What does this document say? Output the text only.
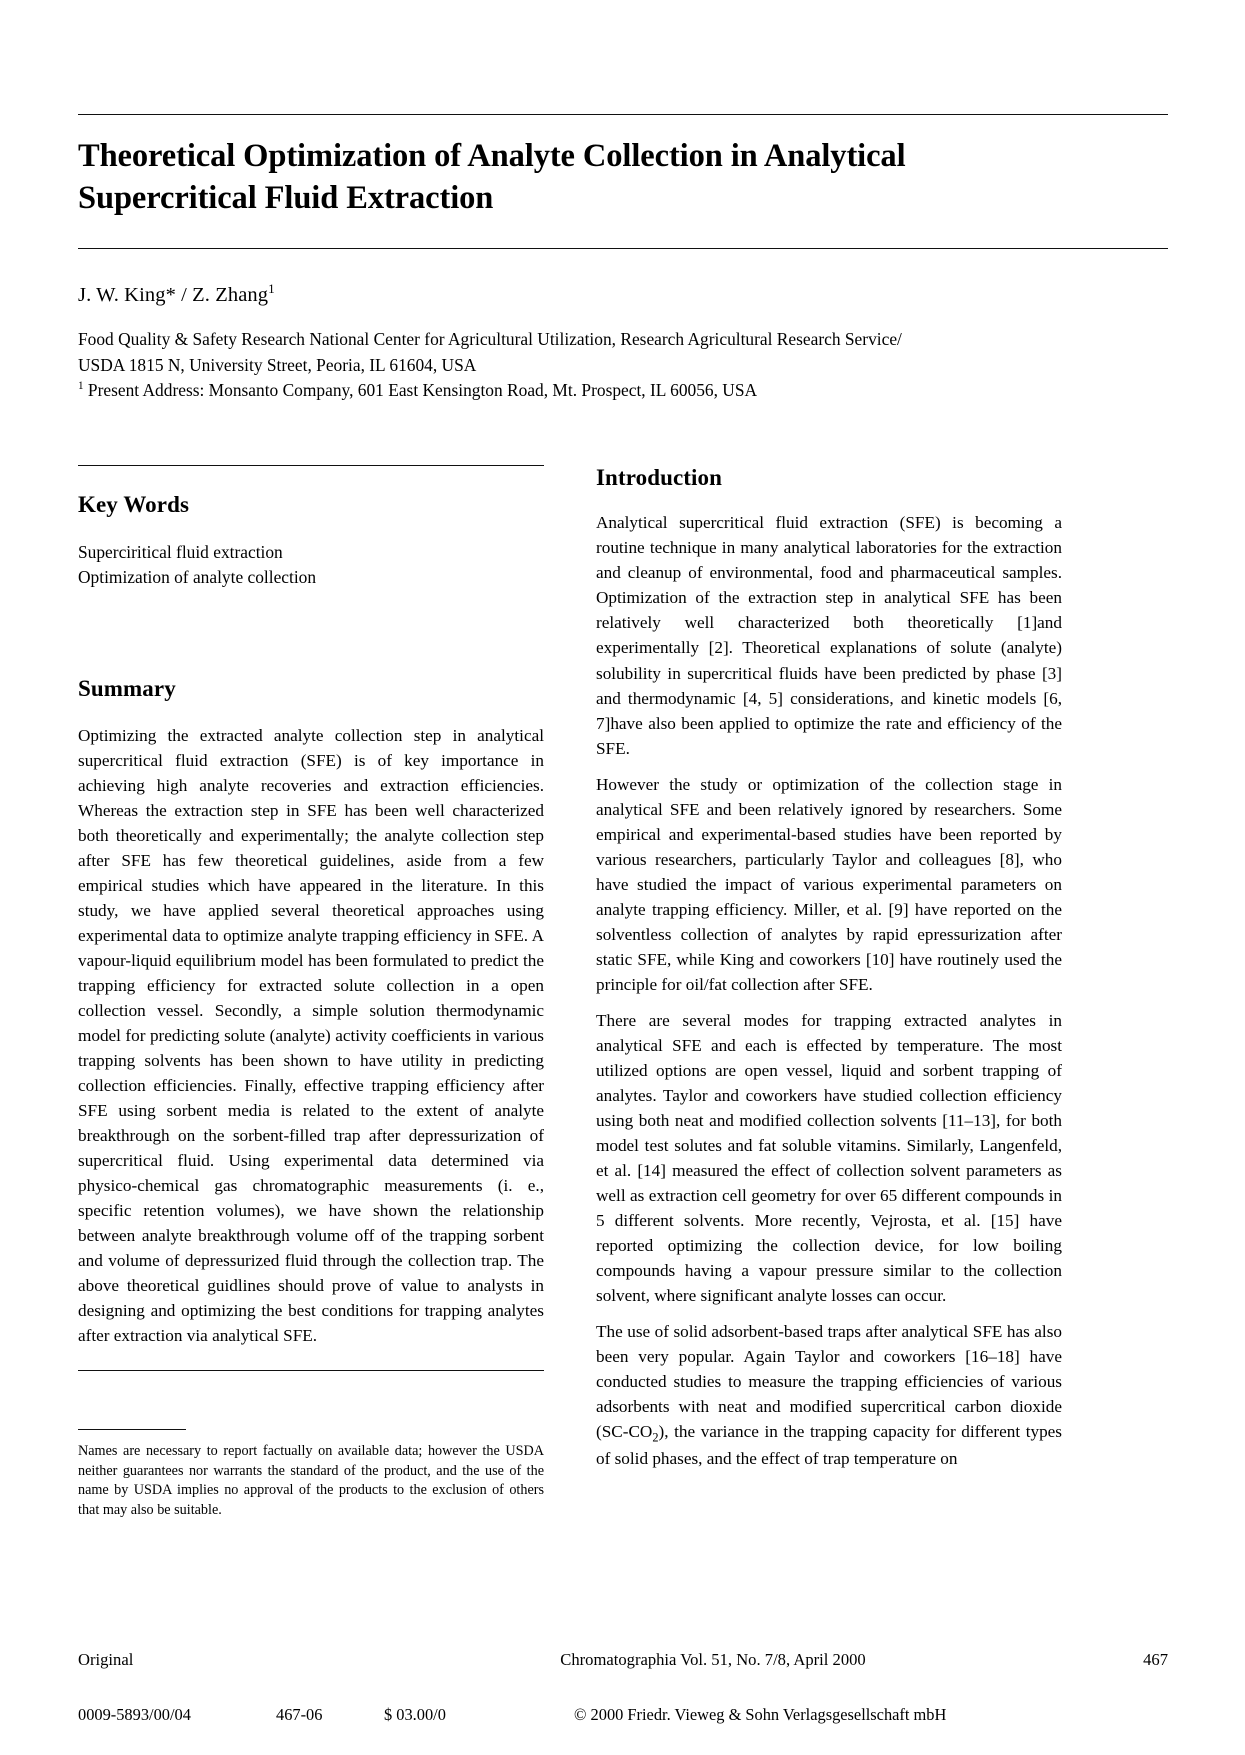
Theoretical Optimization of Analyte Collection in Analytical Supercritical Fluid Extraction
J. W. King* / Z. Zhang$^1$
Food Quality & Safety Research National Center for Agricultural Utilization, Research Agricultural Research Service/
USDA 1815 N, University Street, Peoria, IL 61604, USA
$^1$ Present Address: Monsanto Company, 601 East Kensington Road, Mt. Prospect, IL 60056, USA
Key Words
Superciritical fluid extraction
Optimization of analyte collection
Summary
Optimizing the extracted analyte collection step in analytical supercritical fluid extraction (SFE) is of key importance in achieving high analyte recoveries and extraction efficiencies. Whereas the extraction step in SFE has been well characterized both theoretically and experimentally; the analyte collection step after SFE has few theoretical guidelines, aside from a few empirical studies which have appeared in the literature. In this study, we have applied several theoretical approaches using experimental data to optimize analyte trapping efficiency in SFE. A vapour-liquid equilibrium model has been formulated to predict the trapping efficiency for extracted solute collection in a open collection vessel. Secondly, a simple solution thermodynamic model for predicting solute (analyte) activity coefficients in various trapping solvents has been shown to have utility in predicting collection efficiencies. Finally, effective trapping efficiency after SFE using sorbent media is related to the extent of analyte breakthrough on the sorbent-filled trap after depressurization of supercritical fluid. Using experimental data determined via physico-chemical gas chromatographic measurements (i. e., specific retention volumes), we have shown the relationship between analyte breakthrough volume off of the trapping sorbent and volume of depressurized fluid through the collection trap. The above theoretical guidlines should prove of value to analysts in designing and optimizing the best conditions for trapping analytes after extraction via analytical SFE.
Names are necessary to report factually on available data; however the USDA neither guarantees nor warrants the standard of the product, and the use of the name by USDA implies no approval of the products to the exclusion of others that may also be suitable.
Introduction

Analytical supercritical fluid extraction (SFE) is becoming a routine technique in many analytical laboratories for the extraction and cleanup of environmental, food and pharmaceutical samples. Optimization of the extraction step in analytical SFE has been relatively well characterized both theoretically [1]and experimentally [2]. Theoretical explanations of solute (analyte) solubility in supercritical fluids have been predicted by phase [3] and thermodynamic [4, 5] considerations, and kinetic models [6, 7]have also been applied to optimize the rate and efficiency of the SFE.

However the study or optimization of the collection stage in analytical SFE and been relatively ignored by researchers. Some empirical and experimental-based studies have been reported by various researchers, particularly Taylor and colleagues [8], who have studied the impact of various experimental parameters on analyte trapping efficiency. Miller, et al. [9] have reported on the solventless collection of analytes by rapid epressurization after static SFE, while King and coworkers [10] have routinely used the principle for oil/fat collection after SFE.

There are several modes for trapping extracted analytes in analytical SFE and each is effected by temperature. The most utilized options are open vessel, liquid and sorbent trapping of analytes. Taylor and coworkers have studied collection efficiency using both neat and modified collection solvents [11–13], for both model test solutes and fat soluble vitamins. Similarly, Langenfeld, et al. [14] measured the effect of collection solvent parameters as well as extraction cell geometry for over 65 different compounds in 5 different solvents. More recently, Vejrosta, et al. [15] have reported optimizing the collection device, for low boiling compounds having a vapour pressure similar to the collection solvent, where significant analyte losses can occur.

The use of solid adsorbent-based traps after analytical SFE has also been very popular. Again Taylor and coworkers [16–18] have conducted studies to measure the trapping efficiencies of various adsorbents with neat and modified supercritical carbon dioxide $(SC-CO_2)$, the variance in the trapping capacity for different types of solid phases, and the effect of trap temperature on

Original	Chromatographia Vol. 51, No. 7/8, April 2000	467
0009-5893/00/04	467-06	$ 03.00/0	© 2000 Friedr. Vieweg & Sohn Verlagsgesellschaft mbH
